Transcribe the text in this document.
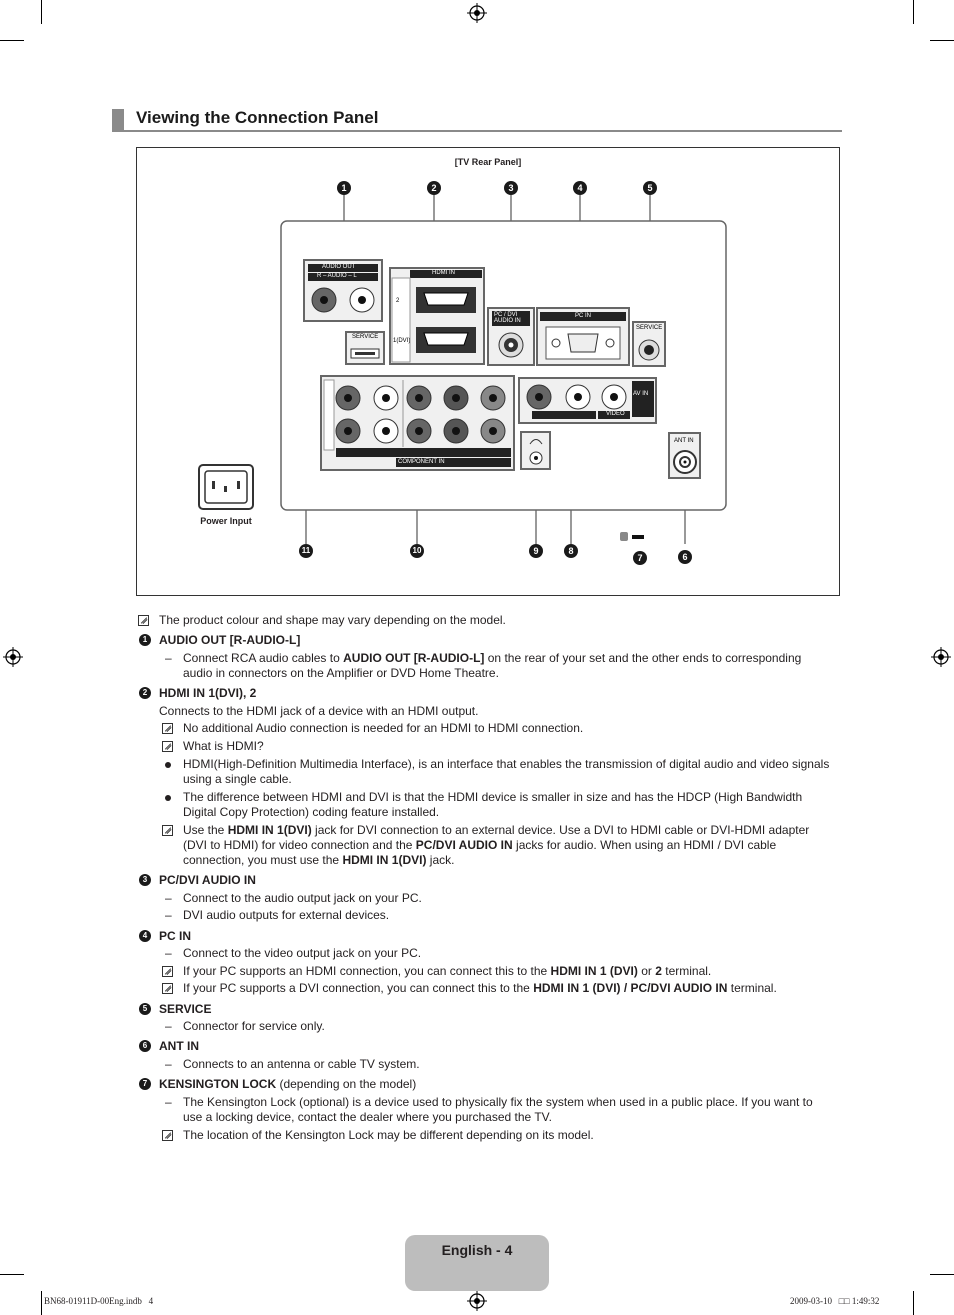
Viewing the Connection Panel
[TV Rear Panel]
AUDIO OUT
R – AUDIO – L	HDMI IN
2
1(DVI)
PC / DVI AUDIO IN
PC IN
SERVICE
SERVICE
AV IN
VIDEO
COMPONENT IN
ANT IN
Power Input
1	2	3	4	5
11	10	9	8
7	6
The product colour and shape may vary depending on the model.
1 AUDIO OUT [R-AUDIO-L]
– Connect RCA audio cables to AUDIO OUT [R-AUDIO-L] on the rear of your set and the other ends to corresponding
audio in connectors on the Amplifier or DVD Home Theatre.
2 HDMI IN 1(DVI), 2
Connects to the HDMI jack of a device with an HDMI output.
No additional Audio connection is needed for an HDMI to HDMI connection.
What is HDMI?
HDMI(High-Definition Multimedia Interface), is an interface that enables the transmission of digital audio and video signals
using a single cable.
The difference between HDMI and DVI is that the HDMI device is smaller in size and has the HDCP (High Bandwidth
Digital Copy Protection) coding feature installed.
Use the HDMI IN 1(DVI) jack for DVI connection to an external device. Use a DVI to HDMI cable or DVI-HDMI adapter
(DVI to HDMI) for video connection and the PC/DVI AUDIO IN jacks for audio. When using an HDMI / DVI cable
connection, you must use the HDMI IN 1(DVI) jack.
3 PC/DVI AUDIO IN
– Connect to the audio output jack on your PC.
– DVI audio outputs for external devices.
4 PC IN
– Connect to the video output jack on your PC.
If your PC supports an HDMI connection, you can connect this to the HDMI IN 1 (DVI) or 2 terminal.
If your PC supports a DVI connection, you can connect this to the HDMI IN 1 (DVI) / PC/DVI AUDIO IN terminal.
5 SERVICE
– Connector for service only.
6 ANT IN
– Connects to an antenna or cable TV system.
7 KENSINGTON LOCK (depending on the model)
– The Kensington Lock (optional) is a device used to physically fix the system when used in a public place. If you want to
use a locking device, contact the dealer where you purchased the TV.
The location of the Kensington Lock may be different depending on its model.
English - 4
BN68-01911D-00Eng.indb   4	2009-03-10   □□ 1:49:32
